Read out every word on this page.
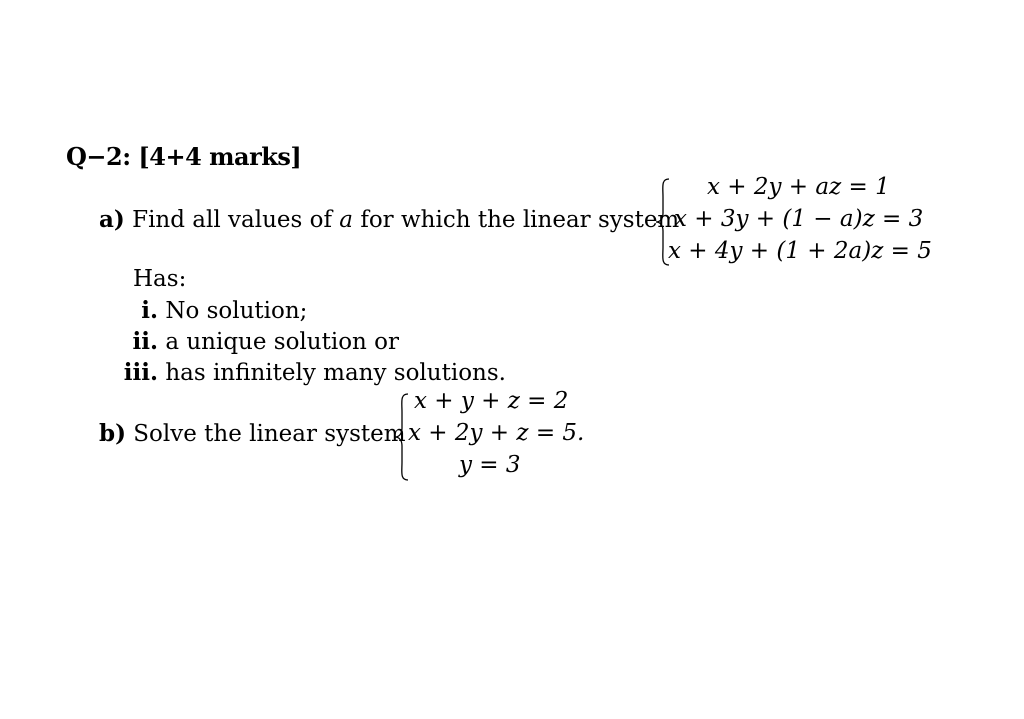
Q−2: [4+4 marks]
a) Find all values of a for which the linear system
x + 2y + az = 1
x + 3y + (1 − a)z = 3
x + 4y + (1 + 2a)z = 5
Has:
i. No solution;
ii. a unique solution or
iii. has infinitely many solutions.
b) Solve the linear system
x + y + z = 2
x + 2y + z = 5.
y = 3
